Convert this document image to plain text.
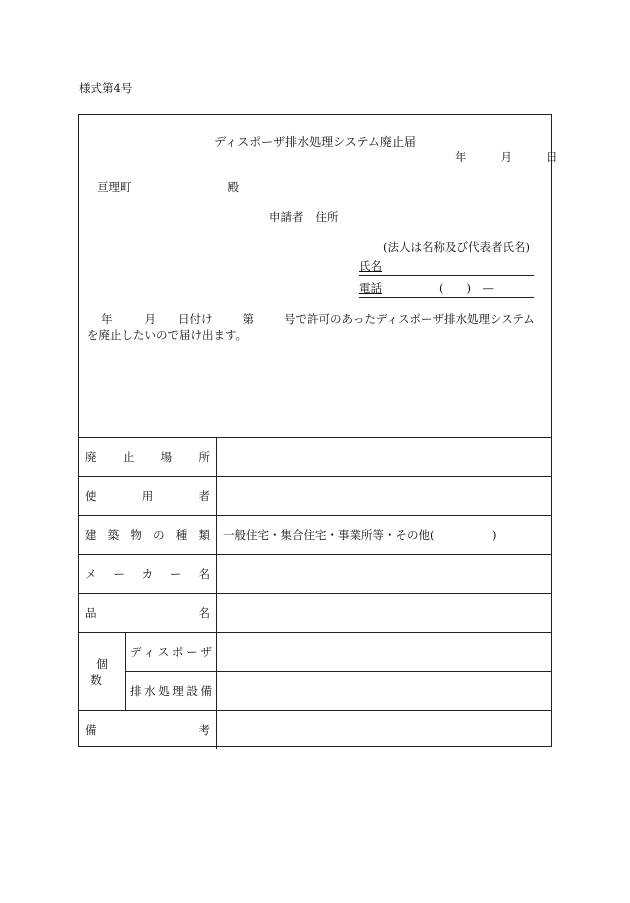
様式第4号
ディスポーザ排水処理システム廃止届
年	月	日
亘理町	殿
申請者 住所
(法人は名称及び代表者氏名)
氏名
電話	(　　)　—
年	月 日付け	第	号で許可のあったディスポーザ排水処理システムを廃止したいので届け出ます。
廃止場所		

使用者		

建築物の種類		一般住宅・集合住宅・事業所等・その他(　　　　　)

メーカー名		

品名		

個数	ディスポーザ	

	排水処理設備	

備考		
